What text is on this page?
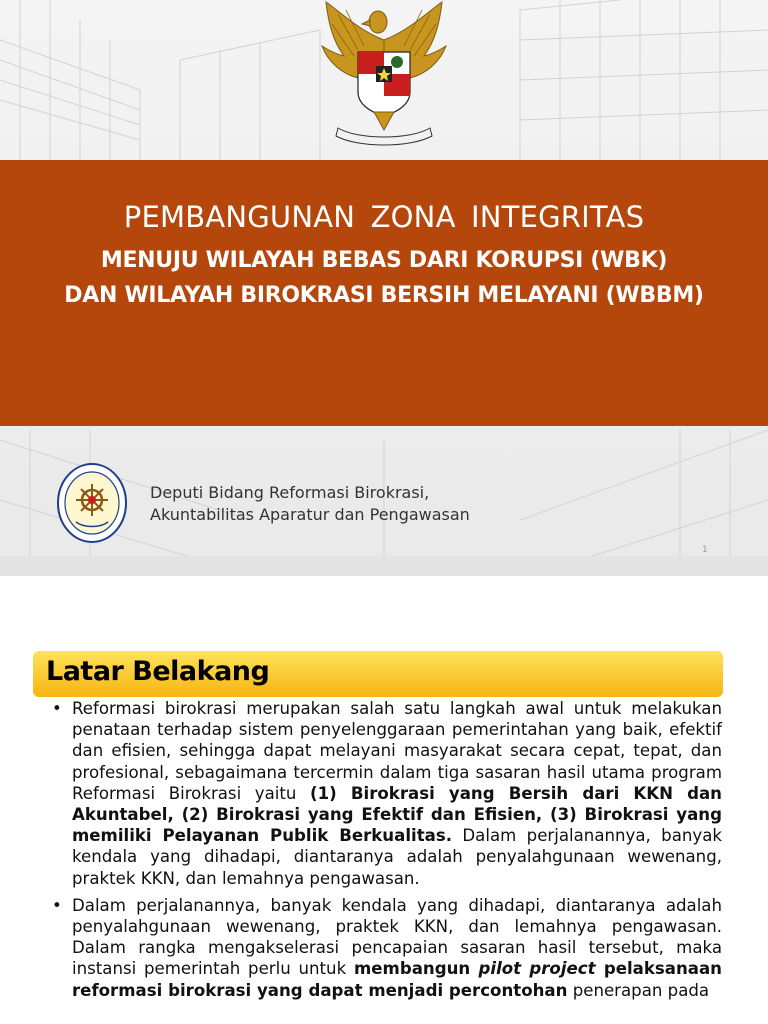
PEMBANGUNAN ZONA INTEGRITAS
MENUJU WILAYAH BEBAS DARI KORUPSI (WBK)
DAN WILAYAH BIROKRASI BERSIH MELAYANI (WBBM)
Deputi Bidang Reformasi Birokrasi,
Akuntabilitas Aparatur dan Pengawasan
1
Latar Belakang
• Reformasi birokrasi merupakan salah satu langkah awal untuk melakukan penataan terhadap sistem penyelenggaraan pemerintahan yang baik, efektif dan efisien, sehingga dapat melayani masyarakat secara cepat, tepat, dan profesional, sebagaimana tercermin dalam tiga sasaran hasil utama program Reformasi Birokrasi yaitu (1) Birokrasi yang Bersih dari KKN dan Akuntabel, (2) Birokrasi yang Efektif dan Efisien, (3) Birokrasi yang memiliki Pelayanan Publik Berkualitas. Dalam perjalanannya, banyak kendala yang dihadapi, diantaranya adalah penyalahgunaan wewenang, praktek KKN, dan lemahnya pengawasan.
• Dalam perjalanannya, banyak kendala yang dihadapi, diantaranya adalah penyalahgunaan wewenang, praktek KKN, dan lemahnya pengawasan. Dalam rangka mengakselerasi pencapaian sasaran hasil tersebut, maka instansi pemerintah perlu untuk membangun pilot project pelaksanaan reformasi birokrasi yang dapat menjadi percontohan penerapan pada
